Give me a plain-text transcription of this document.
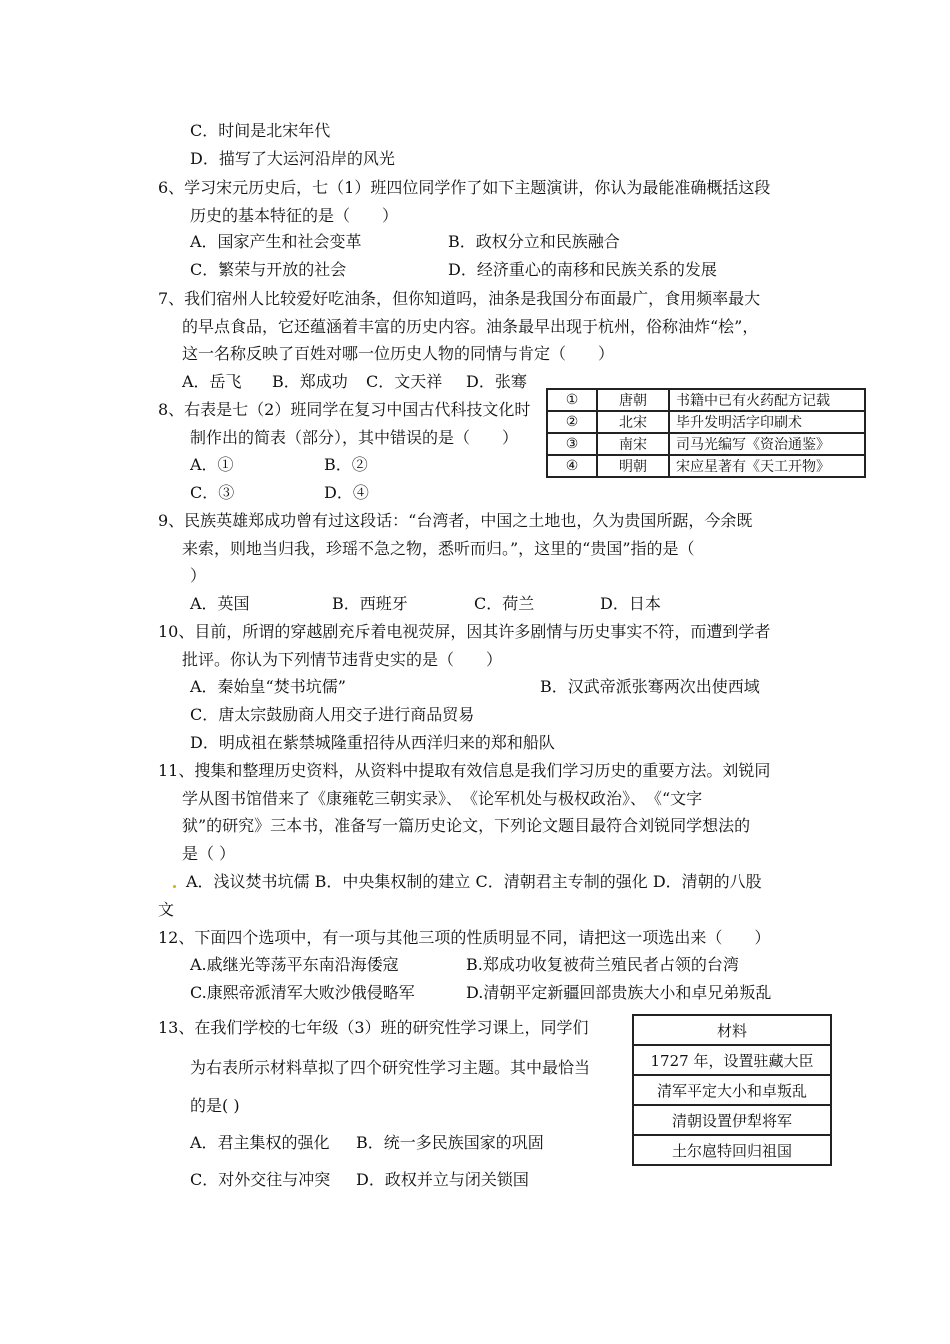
C．时间是北宋年代
D．描写了大运河沿岸的风光
6、学习宋元历史后，七（1）班四位同学作了如下主题演讲，你认为最能准确概括这段
历史的基本特征的是（　　）
A．国家产生和社会变革	B．政权分立和民族融合
C．繁荣与开放的社会	D．经济重心的南移和民族关系的发展
7、我们宿州人比较爱好吃油条，但你知道吗，油条是我国分布面最广，食用频率最大
的早点食品，它还蕴涵着丰富的历史内容。油条最早出现于杭州，俗称油炸“桧”，
这一名称反映了百姓对哪一位历史人物的同情与肯定（　　）
A．岳飞 B．郑成功 C．文天祥 D．张骞
8、右表是七（2）班同学在复习中国古代科技文化时
制作出的简表（部分），其中错误的是（　　）
A．①	B．②
C．③	D．④
①	唐朝	书籍中已有火药配方记载
②	北宋	毕升发明活字印刷术
③	南宋	司马光编写《资治通鉴》
④	明朝	宋应星著有《天工开物》
9、民族英雄郑成功曾有过这段话：“台湾者，中国之土地也，久为贵国所踞，今余既
来索，则地当归我，珍瑶不急之物，悉听而归。”，这里的“贵国”指的是（
）
A．英国	B．西班牙	C．荷兰	D．日本
10、目前，所谓的穿越剧充斥着电视荧屏，因其许多剧情与历史事实不符，而遭到学者
批评。你认为下列情节违背史实的是（　　）
A．秦始皇“焚书坑儒”	B．汉武帝派张骞两次出使西域
C．唐太宗鼓励商人用交子进行商品贸易
D．明成祖在紫禁城隆重招待从西洋归来的郑和船队
11、搜集和整理历史资料，从资料中提取有效信息是我们学习历史的重要方法。刘锐同
学从图书馆借来了《康雍乾三朝实录》、　《论军机处与极权政治》、　《“文字
狱”的研究》三本书，准备写一篇历史论文，下列论文题目最符合刘锐同学想法的
是（ ）
A．浅议焚书坑儒 B．中央集权制的建立 C．清朝君主专制的强化 D．清朝的八股
文
12、下面四个选项中，有一项与其他三项的性质明显不同，请把这一项选出来（　　）
A.戚继光等荡平东南沿海倭寇	B.郑成功收复被荷兰殖民者占领的台湾
C.康熙帝派清军大败沙俄侵略军	D.清朝平定新疆回部贵族大小和卓兄弟叛乱
13、在我们学校的七年级（3）班的研究性学习课上，同学们
为右表所示材料草拟了四个研究性学习主题。其中最恰当
的是( )
A．君主集权的强化 B．统一多民族国家的巩固
C．对外交往与冲突 D．政权并立与闭关锁国
材料
1727 年，设置驻藏大臣
清军平定大小和卓叛乱
清朝设置伊犁将军
土尔扈特回归祖国
